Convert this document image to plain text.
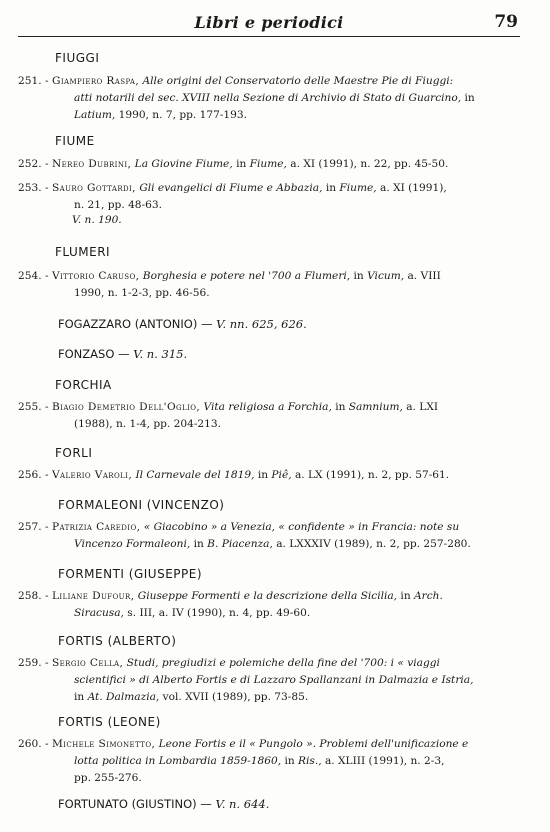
Libri e periodici	79
FIUGGI
251. - Giampiero Raspa, Alle origini del Conservatorio delle Maestre Pie di Fiuggi:
atti notarili del sec. XVIII nella Sezione di Archivio di Stato di Guarcino, in
Latium, 1990, n. 7, pp. 177-193.
FIUME
252. - Nereo Dubrini, La Giovine Fiume, in Fiume, a. XI (1991), n. 22, pp. 45-50.
253. - Sauro Gottardi, Gli evangelici di Fiume e Abbazia, in Fiume, a. XI (1991),
n. 21, pp. 48-63.
V. n. 190.
FLUMERI
254. - Vittorio Caruso, Borghesia e potere nel '700 a Flumeri, in Vicum, a. VIII
1990, n. 1-2-3, pp. 46-56.
FOGAZZARO (ANTONIO) — V. nn. 625, 626.
FONZASO — V. n. 315.
FORCHIA
255. - Biagio Demetrio Dell'Oglio, Vita religiosa a Forchia, in Samnium, a. LXI
(1988), n. 1-4, pp. 204-213.
FORLI
256. - Valerio Varoli, Il Carnevale del 1819, in Piê, a. LX (1991), n. 2, pp. 57-61.
FORMALEONI (VINCENZO)
257. - Patrizia Caredio, « Giacobino » a Venezia, « confidente » in Francia: note su
Vincenzo Formaleoni, in B. Piacenza, a. LXXXIV (1989), n. 2, pp. 257-280.
FORMENTI (GIUSEPPE)
258. - Liliane Dufour, Giuseppe Formenti e la descrizione della Sicilia, in Arch.
Siracusa, s. III, a. IV (1990), n. 4, pp. 49-60.
FORTIS (ALBERTO)
259. - Sergio Cella, Studi, pregiudizi e polemiche della fine del '700: i « viaggi
scientifici » di Alberto Fortis e di Lazzaro Spallanzani in Dalmazia e Istria,
in At. Dalmazia, vol. XVII (1989), pp. 73-85.
FORTIS (LEONE)
260. - Michele Simonetto, Leone Fortis e il « Pungolo ». Problemi dell'unificazione e
lotta politica in Lombardia 1859-1860, in Ris., a. XLIII (1991), n. 2-3,
pp. 255-276.
FORTUNATO (GIUSTINO) — V. n. 644.
